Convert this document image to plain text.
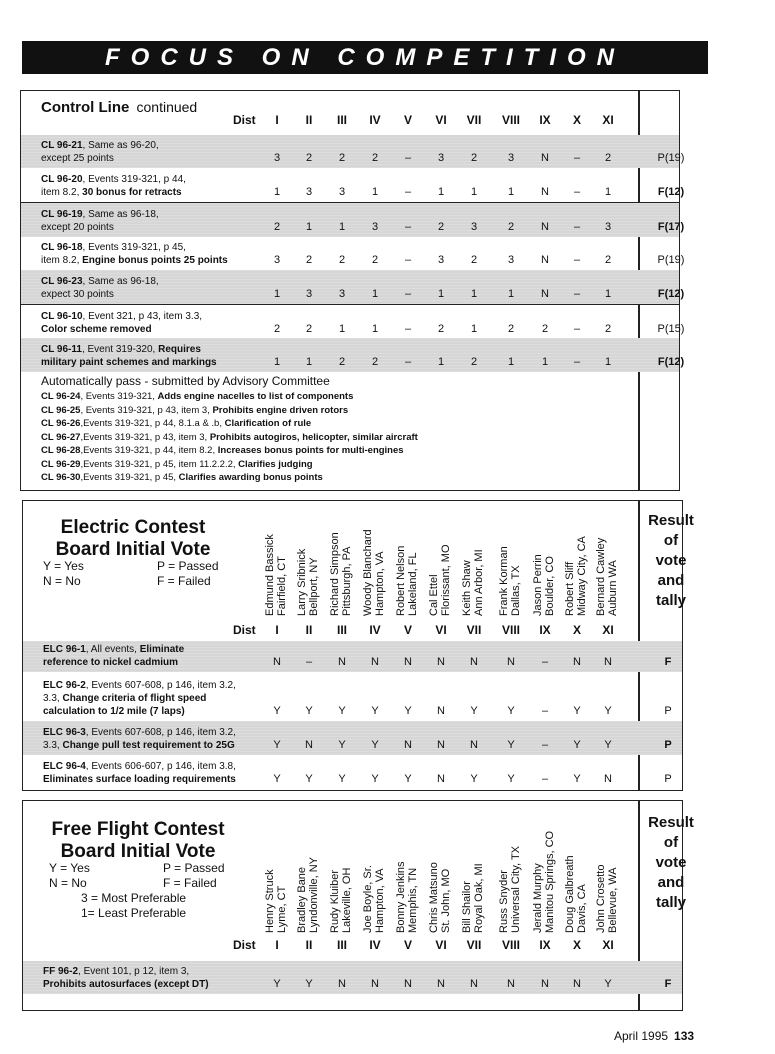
FOCUS ON COMPETITION
Control Line continued
Dist	I	II	III	IV	V	VI	VII	VIII	IX	X	XI
CL 96-21, Same as 96-20,
except 25 points	3	2	2	2	–	3	2	3	N	–	2	P(19)
CL 96-20, Events 319-321, p 44,
item 8.2, 30 bonus for retracts	1	3	3	1	–	1	1	1	N	–	1	F(12)
CL 96-19, Same as 96-18,
except 20 points	2	1	1	3	–	2	3	2	N	–	3	F(17)
CL 96-18, Events 319-321, p 45,
item 8.2, Engine bonus points 25 points	3	2	2	2	–	3	2	3	N	–	2	P(19)
CL 96-23, Same as 96-18,
expect 30 points	1	3	3	1	–	1	1	1	N	–	1	F(12)
CL 96-10, Event 321, p 43, item 3.3,
Color scheme removed	2	2	1	1	–	2	1	2	2	–	2	P(15)
CL 96-11, Event 319-320, Requires
military paint schemes and markings	1	1	2	2	–	1	2	1	1	–	1	F(12)
Automatically pass - submitted by Advisory Committee
CL 96-24, Events 319-321, Adds engine nacelles to list of components
CL 96-25, Events 319-321, p 43, item 3, Prohibits engine driven rotors
CL 96-26,Events 319-321, p 44, 8.1.a & .b, Clarification of rule
CL 96-27,Events 319-321, p 43, item 3, Prohibits autogiros, helicopter, similar aircraft
CL 96-28,Events 319-321, p 44, item 8.2, Increases bonus points for multi-engines
CL 96-29,Events 319-321, p 45, item 11.2.2.2, Clarifies judging
CL 96-30,Events 319-321, p 45, Clarifies awarding bonus points
Electric Contest
Board Initial Vote
Y = Yes	P = Passed
N = No	F = Failed
Result
of
vote
and
tally
Edmund Bassick
Fairfield, CT
Larry Sribnick
Bellport, NY
Richard Simpson
Pittsburgh, PA
Woody Blanchard
Hampton, VA
Robert Nelson
Lakeland, FL
Cal Ettel
Florissant, MO
Keith Shaw
Ann Arbor, MI
Frank Korman
Dallas, TX
Jason Perrin
Boulder, CO
Robert Sliff
Midway City, CA
Bernard Cawley
Auburn WA
Dist	I	II	III	IV	V	VI	VII	VIII	IX	X	XI
ELC 96-1, All events, Eliminate
reference to nickel cadmium	N	–	N	N	N	N	N	N	–	N	N	F
ELC 96-2, Events 607-608, p 146, item 3.2,
3.3, Change criteria of flight speed
calculation to 1/2 mile (7 laps)	Y	Y	Y	Y	Y	N	Y	Y	–	Y	Y	P
ELC 96-3, Events 607-608, p 146, item 3.2,
3.3, Change pull test requirement to 25G	Y	N	Y	Y	N	N	N	Y	–	Y	Y	P
ELC 96-4, Events 606-607, p 146, item 3.8,
Eliminates surface loading requirements	Y	Y	Y	Y	Y	N	Y	Y	–	Y	N	P
Free Flight Contest
Board Initial Vote
Y = Yes	P = Passed
N = No	F = Failed
3 = Most Preferable
1= Least Preferable
Result
of
vote
and
tally
Henry Struck
Lyme, CT
Bradley Bane
Lyndonville, NY
Rudy Kluiber
Lakeville, OH
Joe Boyle, Sr.
Hampton, VA
Bonny Jenkins
Memphis, TN
Chris Matsuno
St. John, MO
Bill Shailor
Royal Oak, MI
Russ Snyder
Universal City, TX
Jerald Murphy
Manitou Springs, CO
Doug Galbreath
Davis, CA
John Crosetto
Bellevue, WA
Dist	I	II	III	IV	V	VI	VII	VIII	IX	X	XI
FF 96-2, Event 101, p 12, item 3,
Prohibits autosurfaces (except DT)	Y	Y	N	N	N	N	N	N	N	N	Y	F
April 1995 133
